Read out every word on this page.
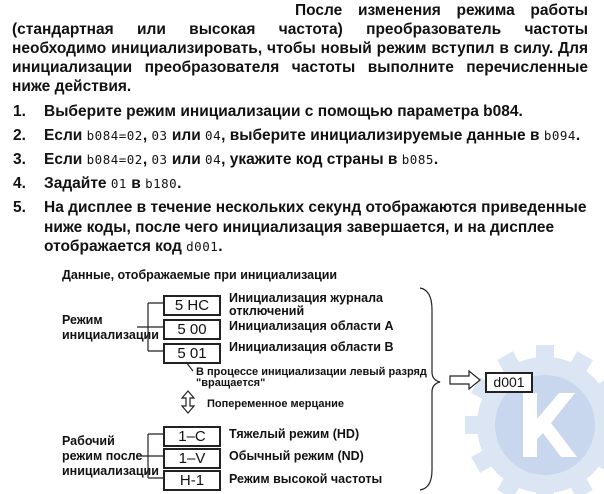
После изменения режима работы (стандартная или высокая частота) преобразователь частоты необходимо инициализировать, чтобы новый режим вступил в силу. Для инициализации преобразователя частоты выполните перечисленные ниже действия.
1. Выберите режим инициализации с помощью параметра b084.
2. Если b084=02, 03 или 04, выберите инициализируемые данные в b094.
3. Если b084=02, 03 или 04, укажите код страны в b085.
4. Задайте 01 в b180.
5. На дисплее в течение нескольких секунд отображаются приведенные ниже коды, после чего инициализация завершается, и на дисплее отображается код d001.
Данные, отображаемые при инициализации
Режим инициализации
5 HC
5 00
5 01
Инициализация журнала отключений
Инициализация области A
Инициализация области B
В процессе инициализации левый разряд "вращается"
Попеременное мерцание
d001
Рабочий режим после инициализации
1–C
1–V
H-1
Тяжелый режим (HD)
Обычный режим (ND)
Режим высокой частоты
